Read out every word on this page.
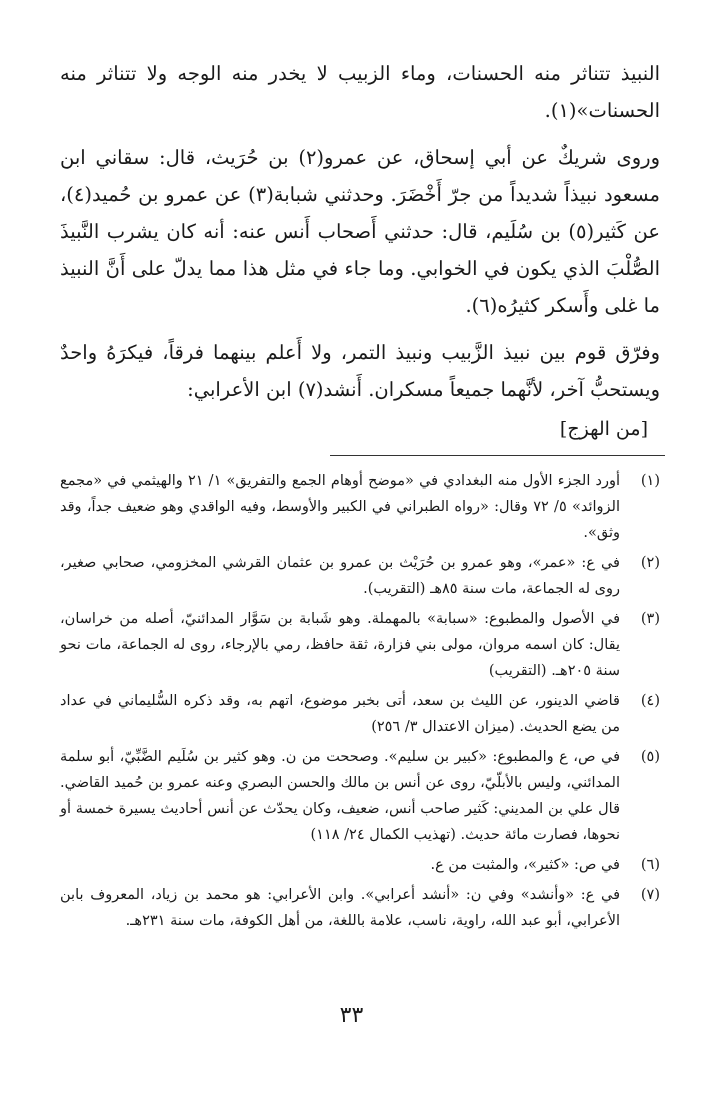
النبيذ تتناثر منه الحسنات، وماء الزبيب لا يخدر منه الوجه ولا تتناثر منه الحسنات»(١).

وروى شريكٌ عن أبي إسحاق، عن عمرو(٢) بن حُرَيث، قال: سقاني ابن مسعود نبيذاً شديداً من جرّ أَخْضَرَ. وحدثني شبابة(٣) عن عمرو بن حُميد(٤)، عن كَثير(٥) بن سُلَيم، قال: حدثني أَصحاب أَنس عنه: أنه كان يشرب النَّبيذَ الصُّلْبَ الذي يكون في الخوابي. وما جاء في مثل هذا مما يدلّ على أَنَّ النبيذ ما غلى وأَسكر كثيرُه(٦).

وفرّق قوم بين نبيذ الزَّبيب ونبيذ التمر، ولا أَعلم بينهما فرقاً، فيكرَهُ واحدٌ ويستحبُّ آخر، لأنَّهما جميعاً مسكران. أَنشد(٧) ابن الأعرابي:

[من الهزج]
(١)
أورد الجزء الأول منه البغدادي في «موضح أوهام الجمع والتفريق» ١/ ٢١ والهيثمي في «مجمع الزوائد» ٥/ ٧٢ وقال: «رواه الطبراني في الكبير والأوسط، وفيه الواقدي وهو ضعيف جداً، وقد وثق».
(٢)
في ع: «عمر»، وهو عمرو بن حُرَيْث بن عمرو بن عثمان القرشي المخزومي، صحابي صغير، روى له الجماعة، مات سنة ٨٥هـ (التقريب).
(٣)
في الأصول والمطبوع: «سبابة» بالمهملة. وهو شَبابة بن سَوَّار المدائنيّ، أصله من خراسان، يقال: كان اسمه مروان، مولى بني فزارة، ثقة حافظ، رمي بالإرجاء، روى له الجماعة، مات نحو سنة ٢٠٥هـ. (التقريب)
(٤)
قاضي الدينور، عن الليث بن سعد، أتى بخبر موضوع، اتهم به، وقد ذكره السُّليماني في عداد من يضع الحديث. (ميزان الاعتدال ٣/ ٢٥٦)
(٥)
في ص، ع والمطبوع: «كبير بن سليم». وصححت من ن. وهو كثير بن سُلَيم الضَّبِّيّ، أبو سلمة المدائني، وليس بالأبلّيّ، روى عن أنس بن مالك والحسن البصري وعنه عمرو بن حُميد القاضي. قال علي بن المديني: كَثير صاحب أنس، ضعيف، وكان يحدّث عن أنس أحاديث يسيرة خمسة أو نحوها، فصارت مائة حديث. (تهذيب الكمال ٢٤/ ١١٨)
(٦)
في ص: «كثير»، والمثبت من ع.
(٧)
في ع: «وأنشد» وفي ن: «أنشد أعرابي». وابن الأعرابي: هو محمد بن زياد، المعروف بابن الأعرابي، أبو عبد الله، راوية، ناسب، علامة باللغة، من أهل الكوفة، مات سنة ٢٣١هـ.
٣٣
